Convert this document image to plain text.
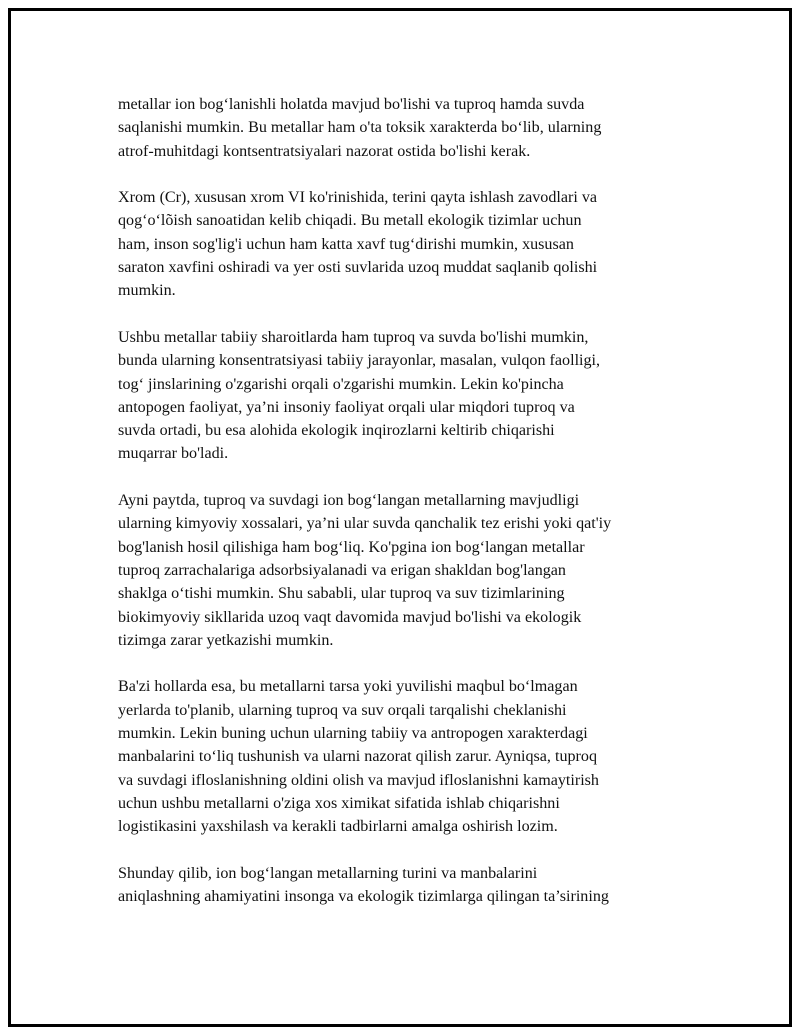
metallar ion bog‘lanishli holatda mavjud bo'lishi va tuproq hamda suvda
saqlanishi mumkin. Bu metallar ham o'ta toksik xarakterda bo‘lib, ularning
atrof-muhitdagi kontsentratsiyalari nazorat ostida bo'lishi kerak.

Xrom (Cr), xususan xrom VI ko'rinishida, terini qayta ishlash zavodlari va
qog‘o‘lõish sanoatidan kelib chiqadi. Bu metall ekologik tizimlar uchun
ham, inson sog'lig'i uchun ham katta xavf tug‘dirishi mumkin, xususan
saraton xavfini oshiradi va yer osti suvlarida uzoq muddat saqlanib qolishi
mumkin.

Ushbu metallar tabiiy sharoitlarda ham tuproq va suvda bo'lishi mumkin,
bunda ularning konsentratsiyasi tabiiy jarayonlar, masalan, vulqon faolligi,
tog‘ jinslarining o'zgarishi orqali o'zgarishi mumkin. Lekin ko'pincha
antopogen faoliyat, ya’ni insoniy faoliyat orqali ular miqdori tuproq va
suvda ortadi, bu esa alohida ekologik inqirozlarni keltirib chiqarishi
muqarrar bo'ladi.

Ayni paytda, tuproq va suvdagi ion bog‘langan metallarning mavjudligi
ularning kimyoviy xossalari, ya’ni ular suvda qanchalik tez erishi yoki qat'iy
bog'lanish hosil qilishiga ham bog‘liq. Ko'pgina ion bog‘langan metallar
tuproq zarrachalariga adsorbsiyalanadi va erigan shakldan bog'langan
shaklga o‘tishi mumkin. Shu sababli, ular tuproq va suv tizimlarining
biokimyoviy sikllarida uzoq vaqt davomida mavjud bo'lishi va ekologik
tizimga zarar yetkazishi mumkin.

Ba'zi hollarda esa, bu metallarni tarsa yoki yuvilishi maqbul bo‘lmagan
yerlarda to'planib, ularning tuproq va suv orqali tarqalishi cheklanishi
mumkin. Lekin buning uchun ularning tabiiy va antropogen xarakterdagi
manbalarini to‘liq tushunish va ularni nazorat qilish zarur. Ayniqsa, tuproq
va suvdagi ifloslanishning oldini olish va mavjud ifloslanishni kamaytirish
uchun ushbu metallarni o'ziga xos ximikat sifatida ishlab chiqarishni
logistikasini yaxshilash va kerakli tadbirlarni amalga oshirish lozim.

Shunday qilib, ion bog‘langan metallarning turini va manbalarini
aniqlashning ahamiyatini insonga va ekologik tizimlarga qilingan ta’sirining
